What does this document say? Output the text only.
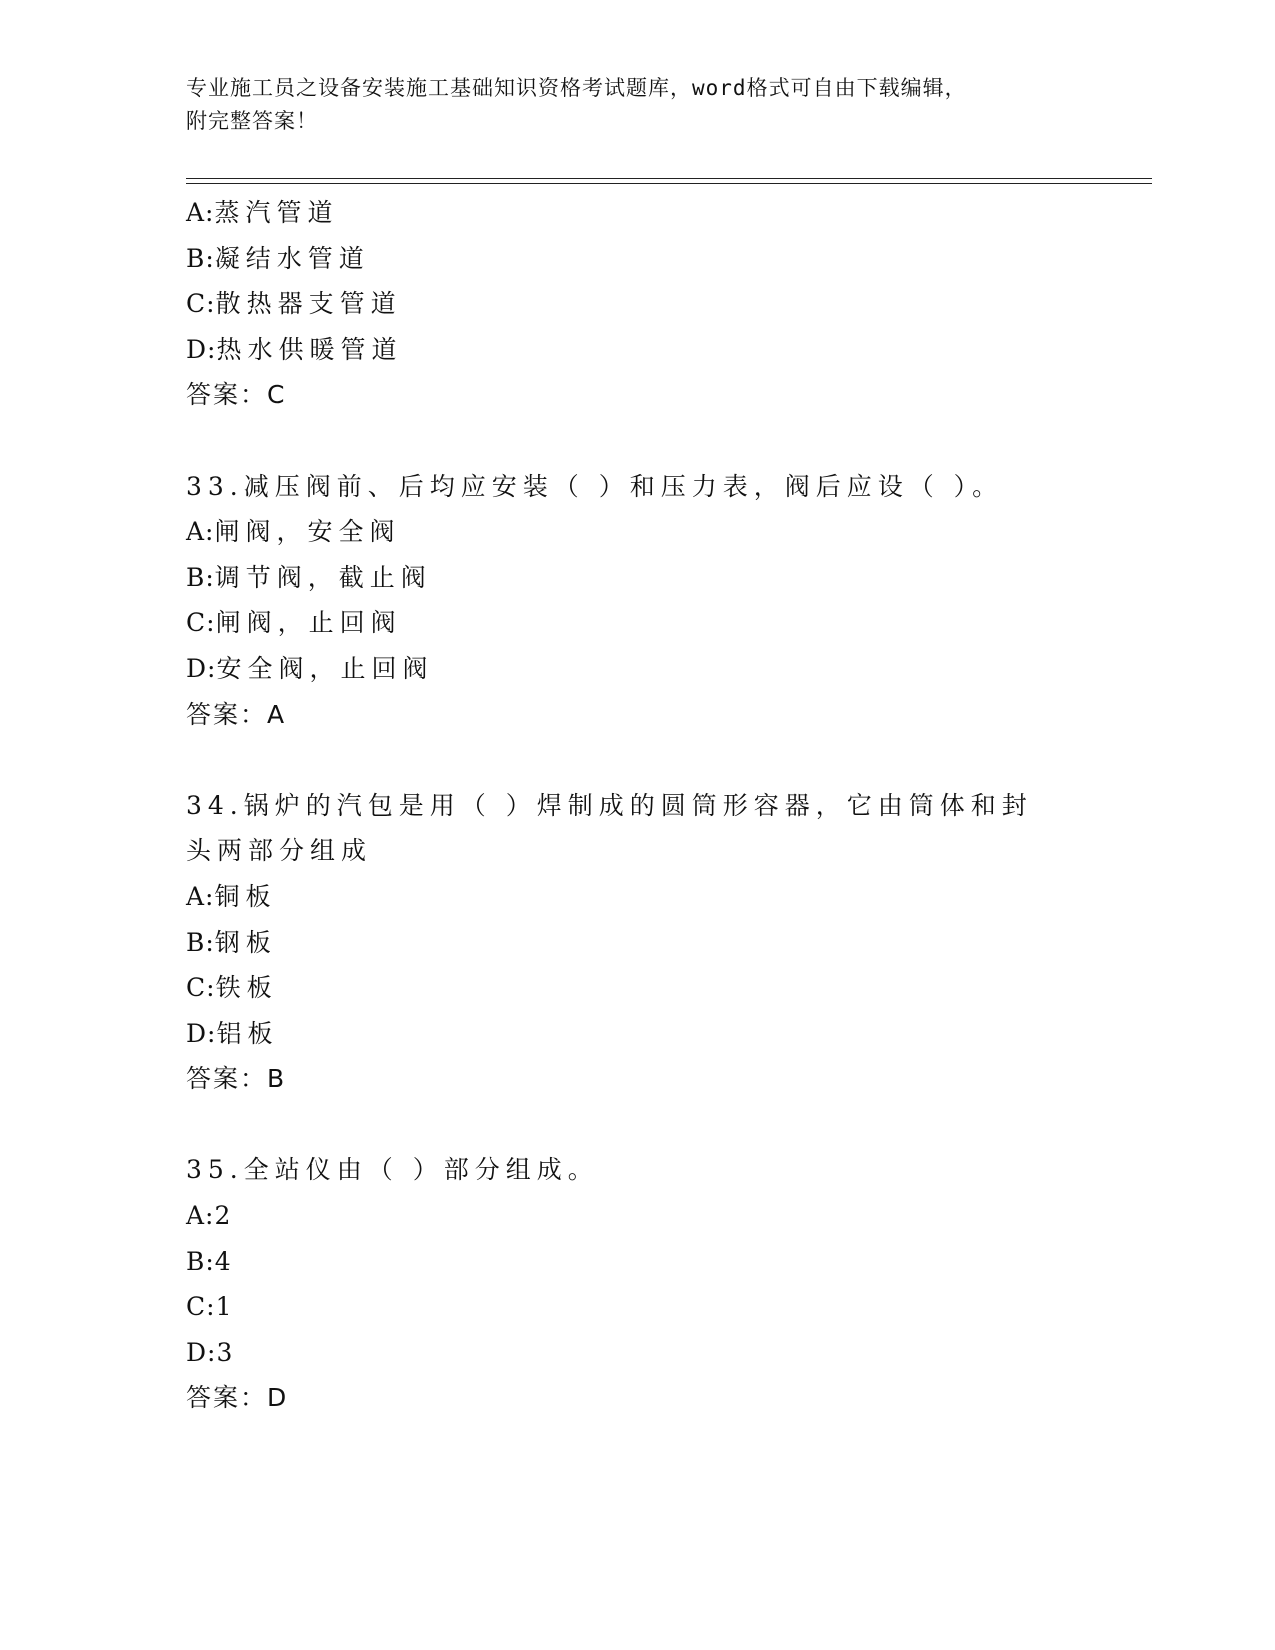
专业施工员之设备安装施工基础知识资格考试题库，word格式可自由下载编辑，
附完整答案！
A:蒸汽管道
B:凝结水管道
C:散热器支管道
D:热水供暖管道
答案：C
33.减压阀前、后均应安装（ ）和压力表，阀后应设（ ）。
A:闸阀，安全阀
B:调节阀，截止阀
C:闸阀，止回阀
D:安全阀，止回阀
答案：A
34.锅炉的汽包是用（ ）焊制成的圆筒形容器，它由筒体和封头两部分组成
A:铜板
B:钢板
C:铁板
D:铝板
答案：B
35.全站仪由（ ）部分组成。
A:2
B:4
C:1
D:3
答案：D
